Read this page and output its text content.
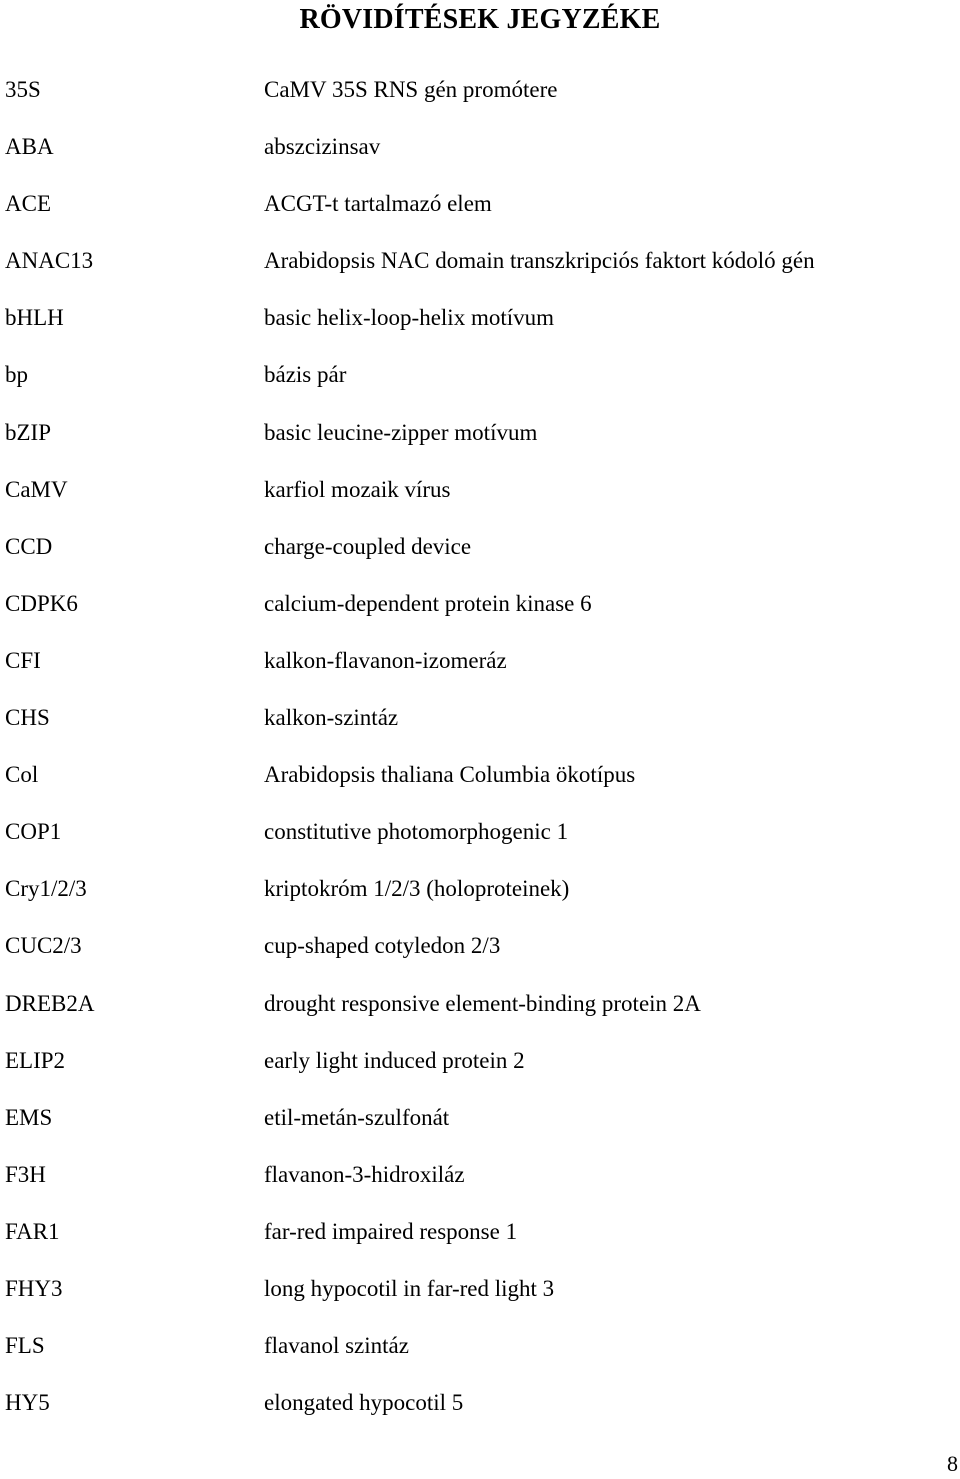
RÖVIDÍTÉSEK JEGYZÉKE
35S	CaMV 35S RNS gén promótere
ABA	abszcizinsav
ACE	ACGT-t tartalmazó elem
ANAC13	Arabidopsis NAC domain transzkripciós faktort kódoló gén
bHLH	basic helix-loop-helix motívum
bp	bázis pár
bZIP	basic leucine-zipper motívum
CaMV	karfiol mozaik vírus
CCD	charge-coupled device
CDPK6	calcium-dependent protein kinase 6
CFI	kalkon-flavanon-izomeráz
CHS	kalkon-szintáz
Col	Arabidopsis thaliana Columbia ökotípus
COP1	constitutive photomorphogenic 1
Cry1/2/3	kriptokróm 1/2/3 (holoproteinek)
CUC2/3	cup-shaped cotyledon 2/3
DREB2A	drought responsive element-binding protein 2A
ELIP2	early light induced protein 2
EMS	etil-metán-szulfonát
F3H	flavanon-3-hidroxiláz
FAR1	far-red impaired response 1
FHY3	long hypocotil in far-red light 3
FLS	flavanol szintáz
HY5	elongated hypocotil 5
8
